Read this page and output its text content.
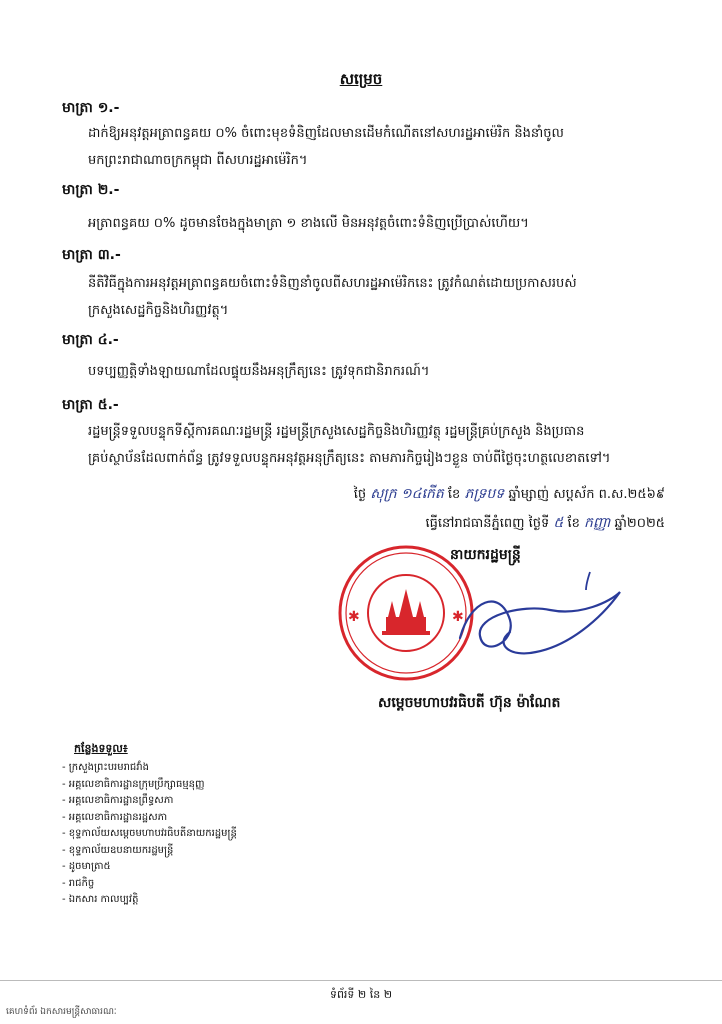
សម្រេច
មាត្រា ១.-
ដាក់ឱ្យអនុវត្តអត្រាពន្ធគយ ០% ចំពោះមុខទំនិញដែលមានដើមកំណើតនៅសហរដ្ឋអាម៉េរិក និងនាំចូល
មកព្រះរាជាណាចក្រកម្ពុជា ពីសហរដ្ឋអាម៉េរិក។
មាត្រា ២.-
អត្រាពន្ធគយ ០% ដូចមានចែងក្នុងមាត្រា ១ ខាងលើ មិនអនុវត្តចំពោះទំនិញប្រើប្រាស់ហើយ។
មាត្រា ៣.-
នីតិវិធីក្នុងការអនុវត្តអត្រាពន្ធគយចំពោះទំនិញនាំចូលពីសហរដ្ឋអាម៉េរិកនេះ ត្រូវកំណត់ដោយប្រកាសរបស់
ក្រសួងសេដ្ឋកិច្ចនិងហិរញ្ញវត្ថុ។
មាត្រា ៤.-
បទប្បញ្ញត្តិទាំងឡាយណាដែលផ្ទុយនឹងអនុក្រឹត្យនេះ ត្រូវទុកជានិរាករណ៍។
មាត្រា ៥.-
រដ្ឋមន្ត្រីទទួលបន្ទុកទីស្តីការគណៈរដ្ឋមន្ត្រី រដ្ឋមន្ត្រីក្រសួងសេដ្ឋកិច្ចនិងហិរញ្ញវត្ថុ រដ្ឋមន្ត្រីគ្រប់ក្រសួង និងប្រធាន
គ្រប់ស្ថាប័នដែលពាក់ព័ន្ធ ត្រូវទទួលបន្ទុកអនុវត្តអនុក្រឹត្យនេះ តាមភារកិច្ចរៀងៗខ្លួន ចាប់ពីថ្ងៃចុះហត្ថលេខាតទៅ។
ថ្ងៃ សុក្រ ១៤កើត ខែ ភទ្របទ ឆ្នាំម្សាញ់ សប្តស័ក ព.ស.២៥៦៩
ធ្វើនៅរាជធានីភ្នំពេញ ថ្ងៃទី ៥ ខែ កញ្ញា ឆ្នាំ២០២៥
នាយករដ្ឋមន្ត្រី
✱	✱
សម្តេចមហាបវរធិបតី ហ៊ុន ម៉ាណែត
កន្លែងទទួល៖
- ក្រសួងព្រះបរមរាជវាំង
- អគ្គលេខាធិការដ្ឋានក្រុមប្រឹក្សាធម្មនុញ្ញ
- អគ្គលេខាធិការដ្ឋានព្រឹទ្ធសភា
- អគ្គលេខាធិការដ្ឋានរដ្ឋសភា
- ខុទ្ទកាល័យសម្តេចមហាបវរធិបតីនាយករដ្ឋមន្ត្រី
- ខុទ្ទកាល័យឧបនាយករដ្ឋមន្ត្រី
- ដូចមាត្រា៥
- រាជកិច្ច
- ឯកសារ កាលប្បវត្តិ
ទំព័រទី ២ នៃ ២
គេហទំព័រ ឯកសារមន្ត្រីសាធារណៈ
